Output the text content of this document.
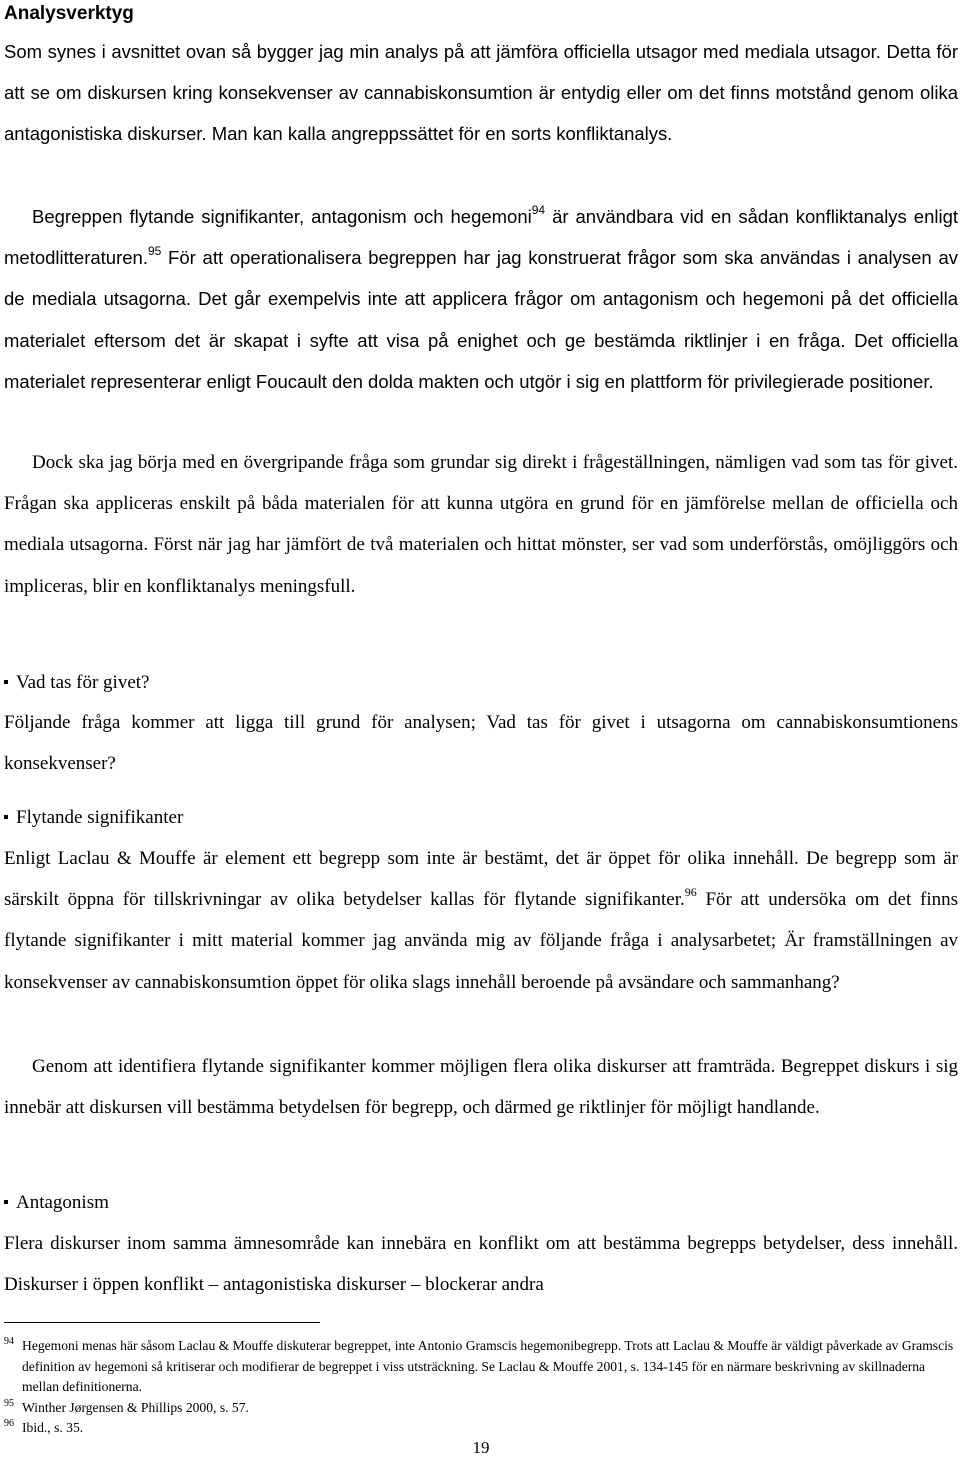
Analysverktyg

Som synes i avsnittet ovan så bygger jag min analys på att jämföra officiella utsagor med mediala utsagor. Detta för att se om diskursen kring konsekvenser av cannabiskonsumtion är entydig eller om det finns motstånd genom olika antagonistiska diskurser. Man kan kalla angreppssättet för en sorts konfliktanalys.

Begreppen flytande signifikanter, antagonism och hegemoni$^{94}$ är användbara vid en sådan konfliktanalys enligt metodlitteraturen.$^{95}$ För att operationalisera begreppen har jag konstruerat frågor som ska användas i analysen av de mediala utsagorna. Det går exempelvis inte att applicera frågor om antagonism och hegemoni på det officiella materialet eftersom det är skapat i syfte att visa på enighet och ge bestämda riktlinjer i en fråga. Det officiella materialet representerar enligt Foucault den dolda makten och utgör i sig en plattform för privilegierade positioner.

Dock ska jag börja med en övergripande fråga som grundar sig direkt i frågeställningen, nämligen vad som tas för givet. Frågan ska appliceras enskilt på båda materialen för att kunna utgöra en grund för en jämförelse mellan de officiella och mediala utsagorna. Först när jag har jämfört de två materialen och hittat mönster, ser vad som underförstås, omöjliggörs och impliceras, blir en konfliktanalys meningsfull.

Vad tas för givet?

Följande fråga kommer att ligga till grund för analysen; Vad tas för givet i utsagorna om cannabiskonsumtionens konsekvenser?

Flytande signifikanter

Enligt Laclau & Mouffe är element ett begrepp som inte är bestämt, det är öppet för olika innehåll. De begrepp som är särskilt öppna för tillskrivningar av olika betydelser kallas för flytande signifikanter.$^{96}$ För att undersöka om det finns flytande signifikanter i mitt material kommer jag använda mig av följande fråga i analysarbetet; Är framställningen av konsekvenser av cannabiskonsumtion öppet för olika slags innehåll beroende på avsändare och sammanhang?

Genom att identifiera flytande signifikanter kommer möjligen flera olika diskurser att framträda. Begreppet diskurs i sig innebär att diskursen vill bestämma betydelsen för begrepp, och därmed ge riktlinjer för möjligt handlande.

Antagonism

Flera diskurser inom samma ämnesområde kan innebära en konflikt om att bestämma begrepps betydelser, dess innehåll. Diskurser i öppen konflikt – antagonistiska diskurser – blockerar andra

94 Hegemoni menas här såsom Laclau & Mouffe diskuterar begreppet, inte Antonio Gramscis hegemonibegrepp. Trots att Laclau & Mouffe är väldigt påverkade av Gramscis definition av hegemoni så kritiserar och modifierar de begreppet i viss utsträckning. Se Laclau & Mouffe 2001, s. 134-145 för en närmare beskrivning av skillnaderna mellan definitionerna.
95 Winther Jørgensen & Phillips 2000, s. 57.
96 Ibid., s. 35.
19
